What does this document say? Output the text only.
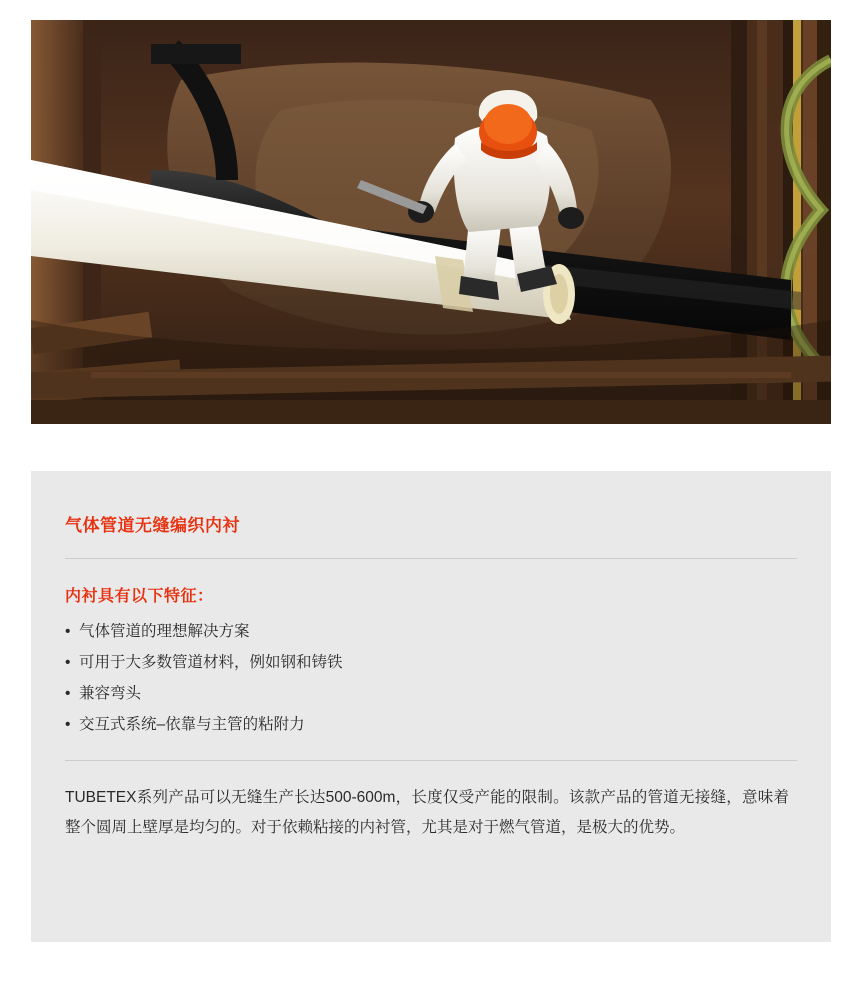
气体管道无缝编织内衬
内衬具有以下特征：
• 气体管道的理想解决方案
• 可用于大多数管道材料，例如钢和铸铁
• 兼容弯头
• 交互式系统–依靠与主管的粘附力

TUBETEX系列产品可以无缝生产长达500-600m，长度仅受产能的限制。该款产品的管道无接缝，意味着整个圆周上壁厚是均匀的。对于依赖粘接的内衬管，尤其是对于燃气管道，是极大的优势。
